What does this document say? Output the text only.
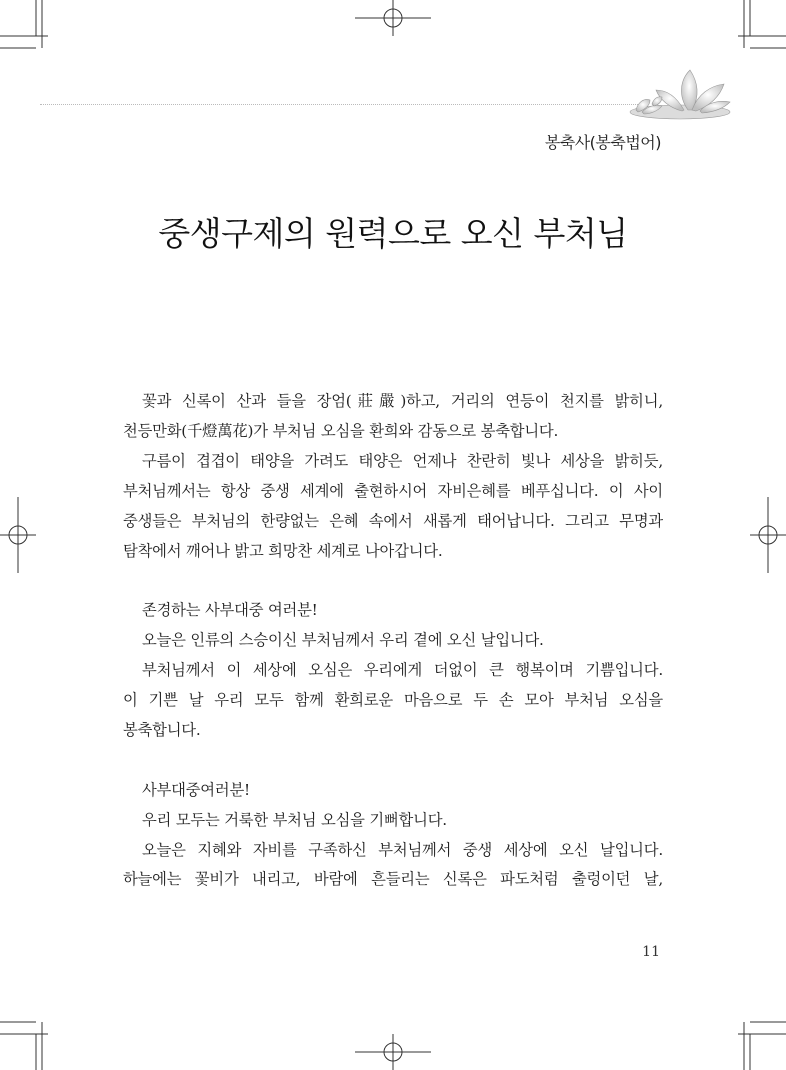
봉축사(봉축법어)
중생구제의 원력으로 오신 부처님

꽃과 신록이 산과 들을 장엄(莊嚴)하고, 거리의 연등이 천지를 밝히니,

천등만화(千燈萬花)가 부처님 오심을 환희와 감동으로 봉축합니다.

구름이 겹겹이 태양을 가려도 태양은 언제나 찬란히 빛나 세상을 밝히듯,

부처님께서는 항상 중생 세계에 출현하시어 자비은혜를 베푸십니다. 이 사이

중생들은 부처님의 한량없는 은혜 속에서 새롭게 태어납니다. 그리고 무명과

탐착에서 깨어나 밝고 희망찬 세계로 나아갑니다.

존경하는 사부대중 여러분!

오늘은 인류의 스승이신 부처님께서 우리 곁에 오신 날입니다.

부처님께서 이 세상에 오심은 우리에게 더없이 큰 행복이며 기쁨입니다.

이 기쁜 날 우리 모두 함께 환희로운 마음으로 두 손 모아 부처님 오심을

봉축합니다.

사부대중여러분!

우리 모두는 거룩한 부처님 오심을 기뻐합니다.

오늘은 지혜와 자비를 구족하신 부처님께서 중생 세상에 오신 날입니다.

하늘에는 꽃비가 내리고, 바람에 흔들리는 신록은 파도처럼 출렁이던 날,

11
